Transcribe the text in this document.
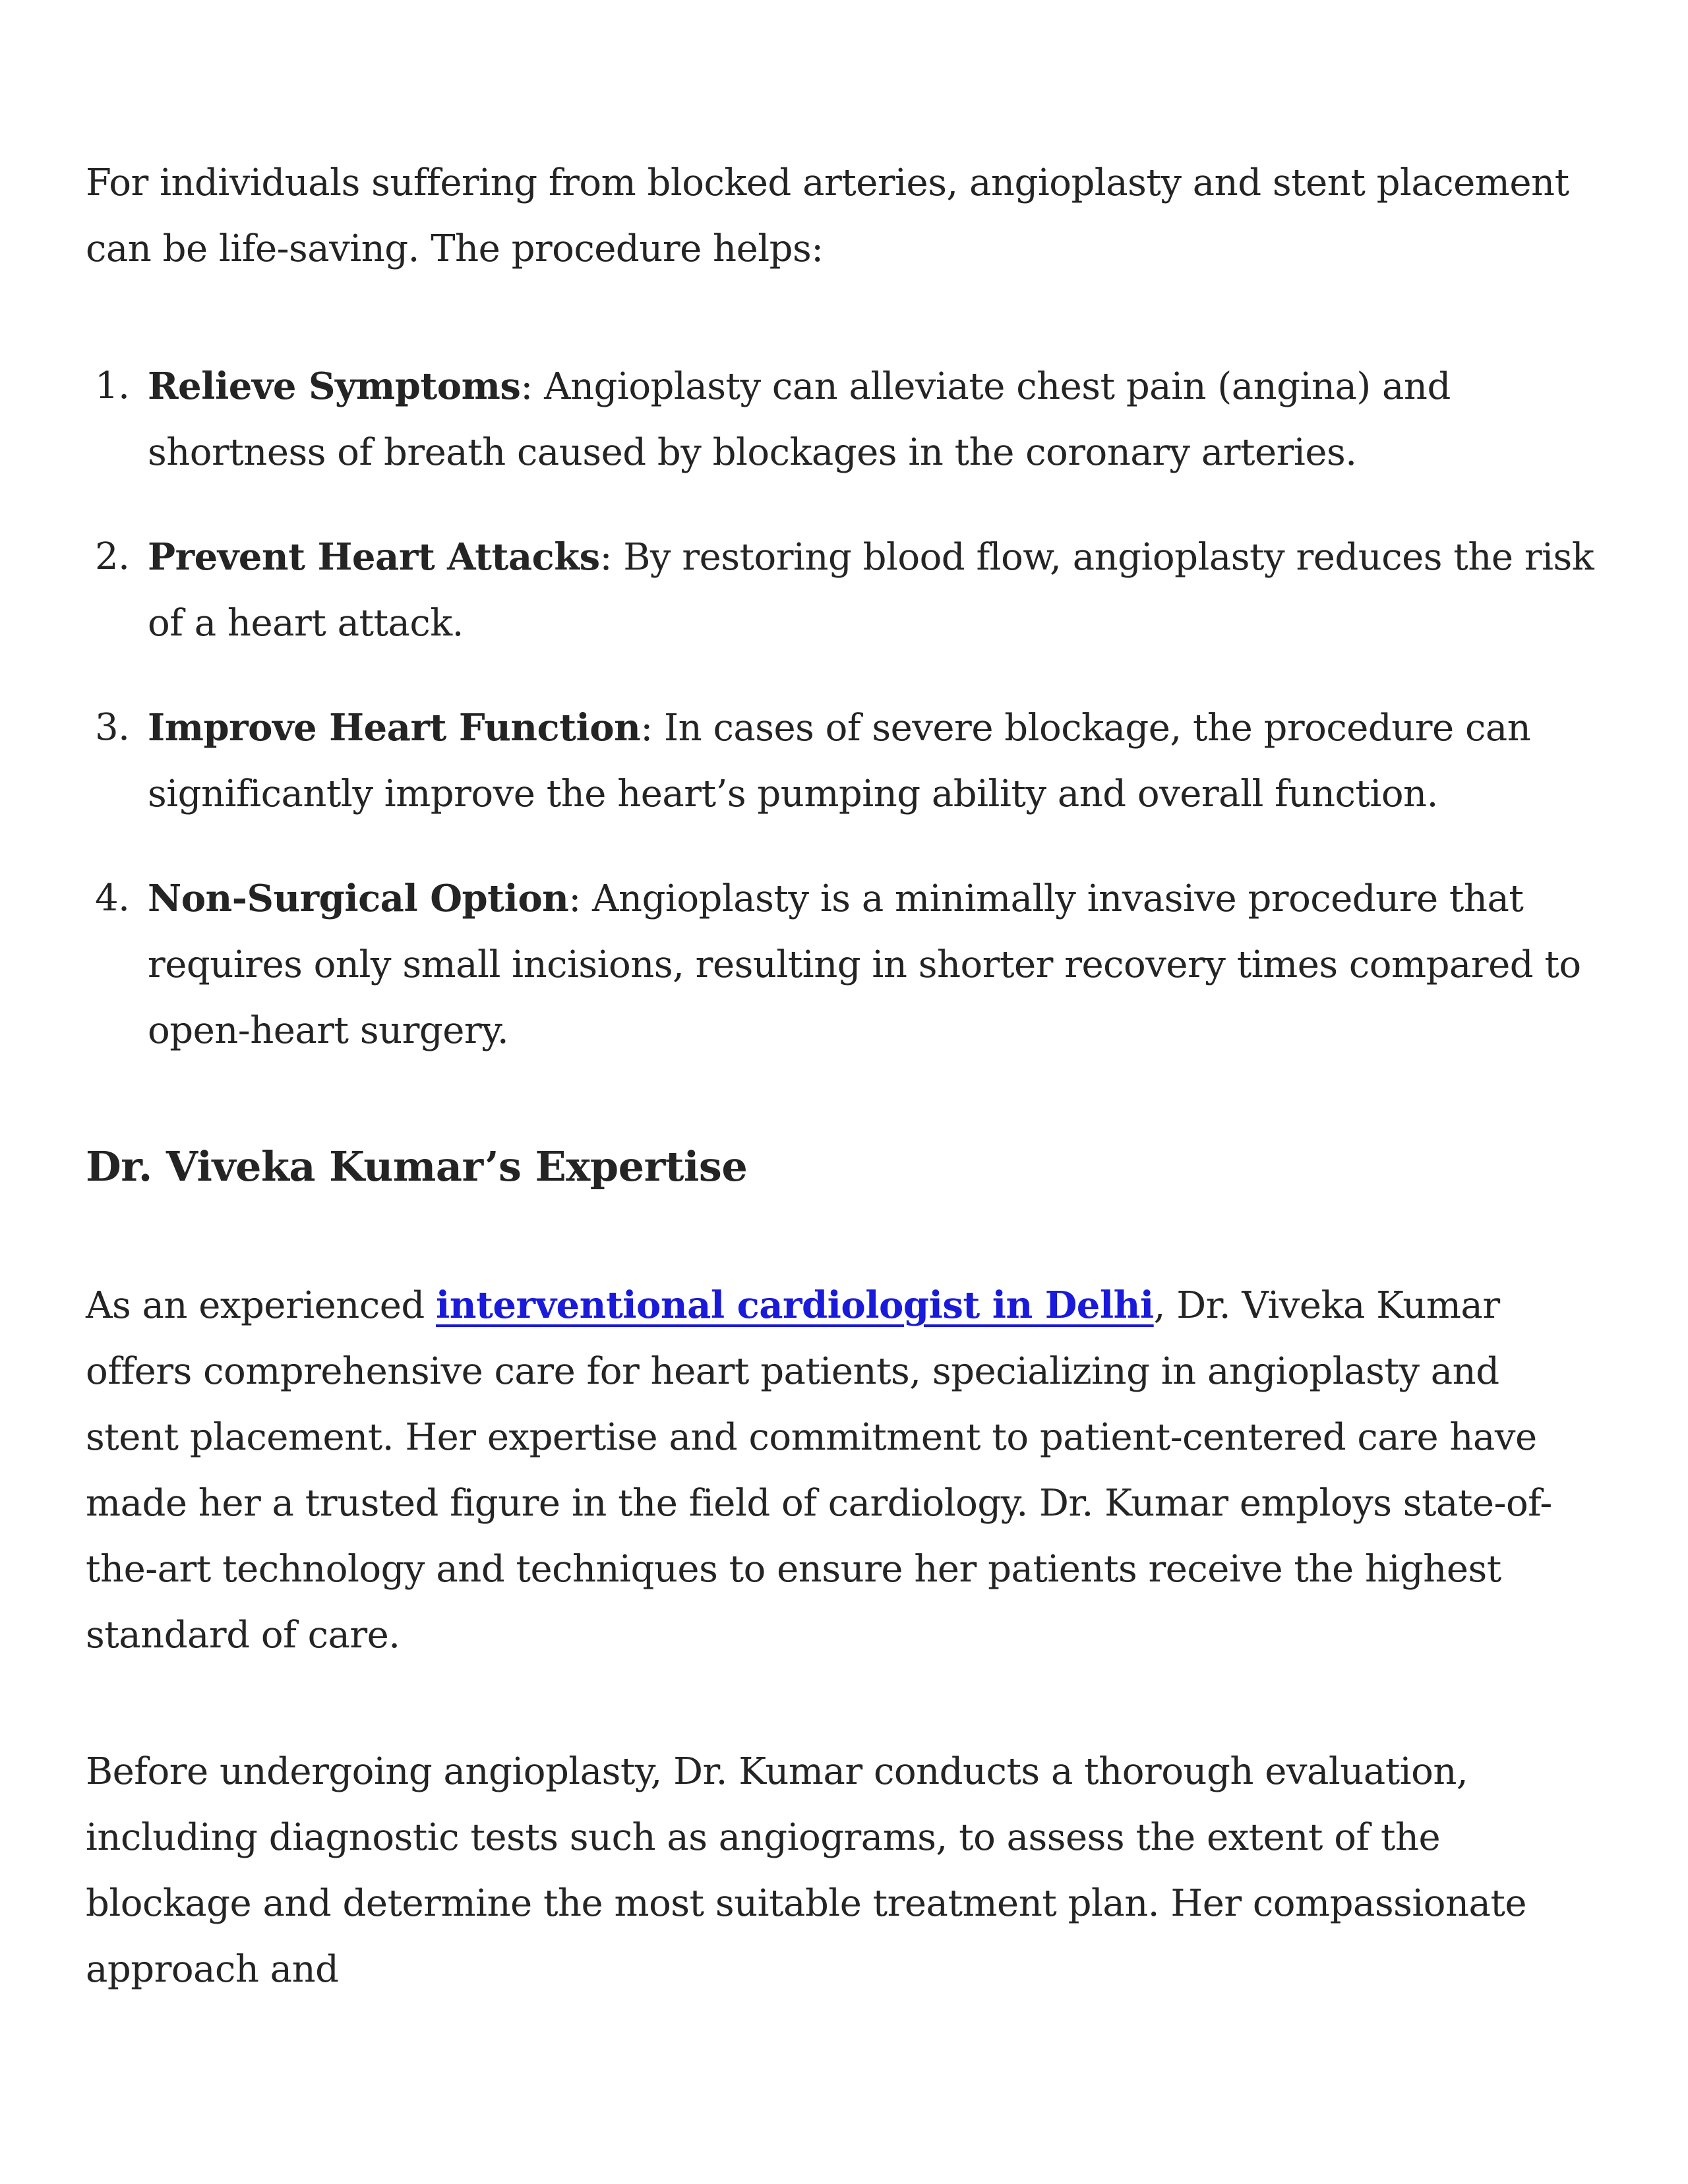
For individuals suffering from blocked arteries, angioplasty and stent placement can be life-saving. The procedure helps:

1. Relieve Symptoms: Angioplasty can alleviate chest pain (angina) and shortness of breath caused by blockages in the coronary arteries.
2. Prevent Heart Attacks: By restoring blood flow, angioplasty reduces the risk of a heart attack.
3. Improve Heart Function: In cases of severe blockage, the procedure can significantly improve the heart’s pumping ability and overall function.
4. Non-Surgical Option: Angioplasty is a minimally invasive procedure that requires only small incisions, resulting in shorter recovery times compared to open-heart surgery.
Dr. Viveka Kumar’s Expertise

As an experienced interventional cardiologist in Delhi, Dr. Viveka Kumar offers comprehensive care for heart patients, specializing in angioplasty and stent placement. Her expertise and commitment to patient-centered care have made her a trusted figure in the field of cardiology. Dr. Kumar employs state-of-the-art technology and techniques to ensure her patients receive the highest standard of care.

Before undergoing angioplasty, Dr. Kumar conducts a thorough evaluation, including diagnostic tests such as angiograms, to assess the extent of the blockage and determine the most suitable treatment plan. Her compassionate approach and
